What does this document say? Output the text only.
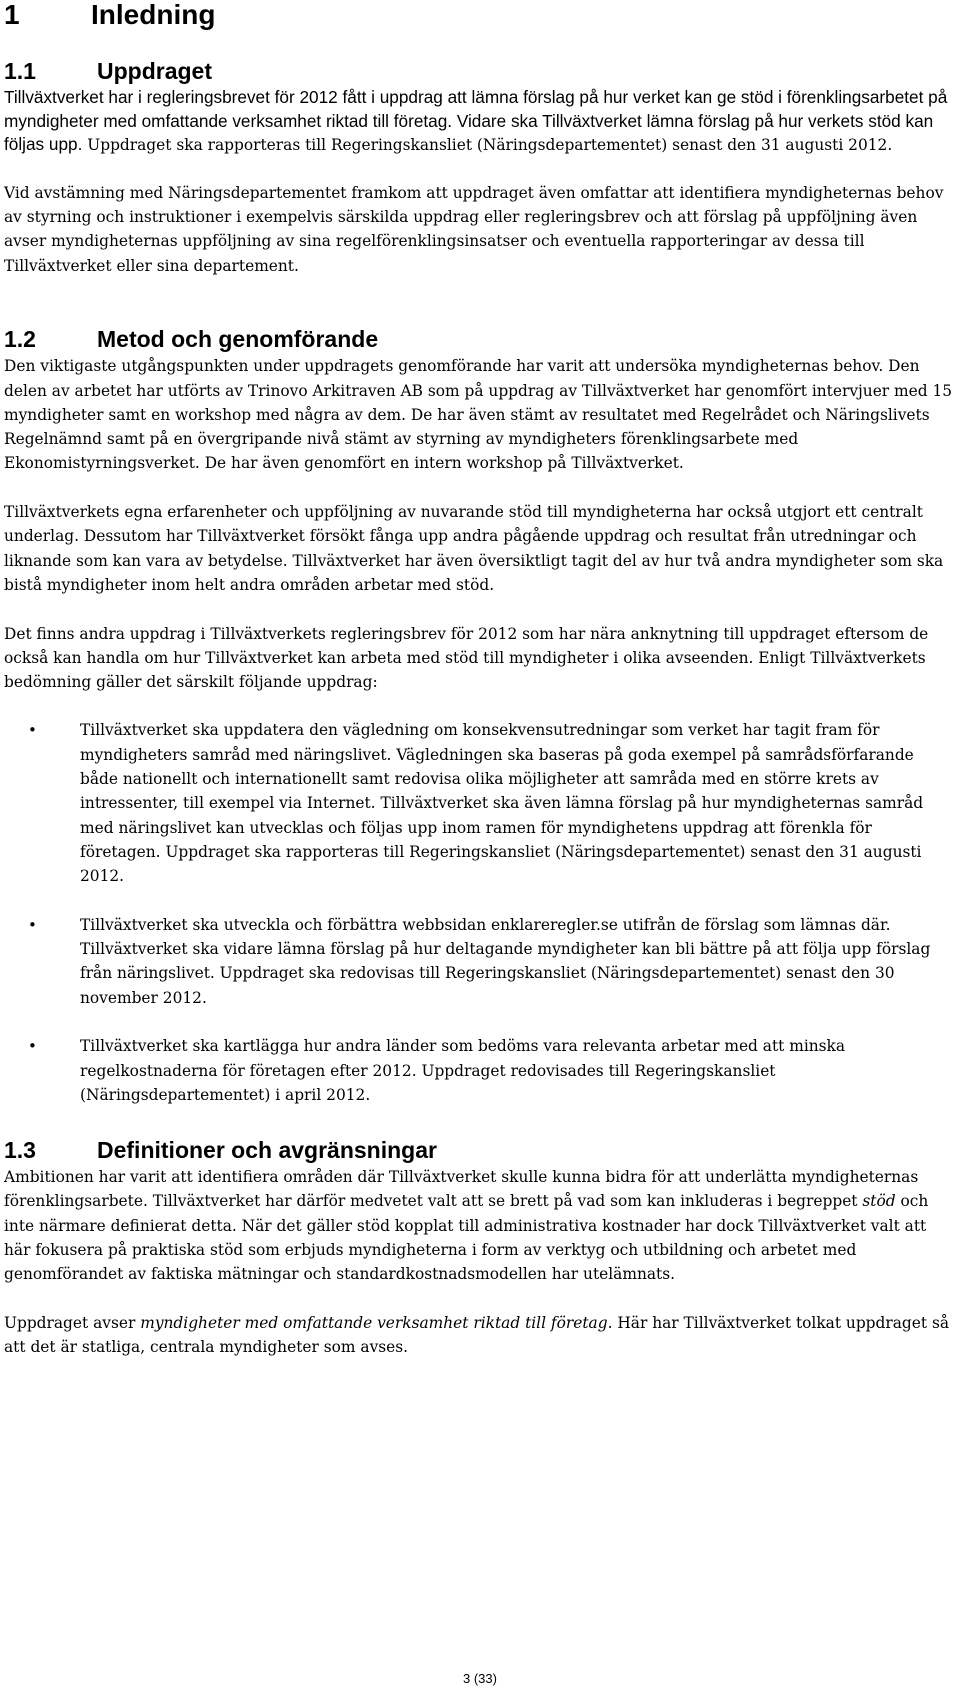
1	Inledning
1.1	Uppdraget
Tillväxtverket har i regleringsbrevet för 2012 fått i uppdrag att lämna förslag på hur verket kan ge stöd i förenklingsarbetet på myndigheter med omfattande verksamhet riktad till företag. Vidare ska Tillväxtverket lämna förslag på hur verkets stöd kan följas upp. Uppdraget ska rapporteras till Regeringskansliet (Näringsdepartementet) senast den 31 augusti 2012.
Vid avstämning med Näringsdepartementet framkom att uppdraget även omfattar att identifiera myndigheternas behov av styrning och instruktioner i exempelvis särskilda uppdrag eller regleringsbrev och att förslag på uppföljning även avser myndigheternas uppföljning av sina regelförenklingsinsatser och eventuella rapporteringar av dessa till Tillväxtverket eller sina departement.
1.2	Metod och genomförande
Den viktigaste utgångspunkten under uppdragets genomförande har varit att undersöka myndigheternas behov. Den delen av arbetet har utförts av Trinovo Arkitraven AB som på uppdrag av Tillväxtverket har genomfört intervjuer med 15 myndigheter samt en workshop med några av dem. De har även stämt av resultatet med Regelrådet och Näringslivets Regelnämnd samt på en övergripande nivå stämt av styrning av myndigheters förenklingsarbete med Ekonomistyrningsverket. De har även genomfört en intern workshop på Tillväxtverket.
Tillväxtverkets egna erfarenheter och uppföljning av nuvarande stöd till myndigheterna har också utgjort ett centralt underlag. Dessutom har Tillväxtverket försökt fånga upp andra pågående uppdrag och resultat från utredningar och liknande som kan vara av betydelse. Tillväxtverket har även översiktligt tagit del av hur två andra myndigheter som ska bistå myndigheter inom helt andra områden arbetar med stöd.
Det finns andra uppdrag i Tillväxtverkets regleringsbrev för 2012 som har nära anknytning till uppdraget eftersom de också kan handla om hur Tillväxtverket kan arbeta med stöd till myndigheter i olika avseenden. Enligt Tillväxtverkets bedömning gäller det särskilt följande uppdrag:
•	Tillväxtverket ska uppdatera den vägledning om konsekvensutredningar som verket har tagit fram för myndigheters samråd med näringslivet. Vägledningen ska baseras på goda exempel på samrådsförfarande både nationellt och internationellt samt redovisa olika möjligheter att samråda med en större krets av intressenter, till exempel via Internet. Tillväxtverket ska även lämna förslag på hur myndigheternas samråd med näringslivet kan utvecklas och följas upp inom ramen för myndighetens uppdrag att förenkla för företagen. Uppdraget ska rapporteras till Regeringskansliet (Näringsdepartementet) senast den 31 augusti 2012.
•	Tillväxtverket ska utveckla och förbättra webbsidan enklareregler.se utifrån de förslag som lämnas där. Tillväxtverket ska vidare lämna förslag på hur deltagande myndigheter kan bli bättre på att följa upp förslag från näringslivet. Uppdraget ska redovisas till Regeringskansliet (Näringsdepartementet) senast den 30 november 2012.
•	Tillväxtverket ska kartlägga hur andra länder som bedöms vara relevanta arbetar med att minska regelkostnaderna för företagen efter 2012. Uppdraget redovisades till Regeringskansliet (Näringsdepartementet) i april 2012.
1.3	Definitioner och avgränsningar
Ambitionen har varit att identifiera områden där Tillväxtverket skulle kunna bidra för att underlätta myndigheternas förenklingsarbete. Tillväxtverket har därför medvetet valt att se brett på vad som kan inkluderas i begreppet stöd och inte närmare definierat detta. När det gäller stöd kopplat till administrativa kostnader har dock Tillväxtverket valt att här fokusera på praktiska stöd som erbjuds myndigheterna i form av verktyg och utbildning och arbetet med genomförandet av faktiska mätningar och standardkostnadsmodellen har utelämnats.
Uppdraget avser myndigheter med omfattande verksamhet riktad till företag. Här har Tillväxtverket tolkat uppdraget så att det är statliga, centrala myndigheter som avses.
3 (33)
